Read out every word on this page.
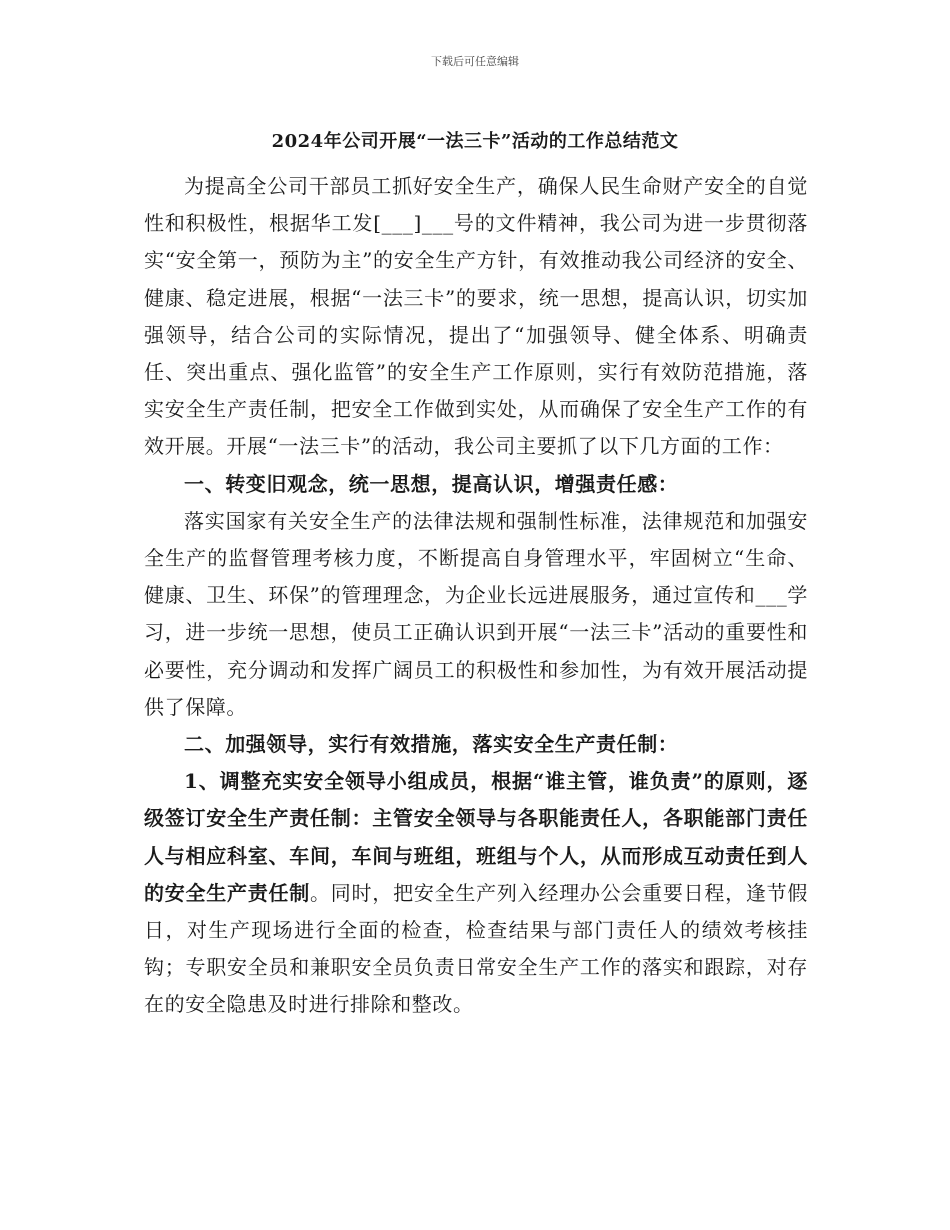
下载后可任意编辑
2024年公司开展“一法三卡”活动的工作总结范文

为提高全公司干部员工抓好安全生产，确保人民生命财产安全的自觉性和积极性，根据华工发[___]___号的文件精神，我公司为进一步贯彻落实“安全第一，预防为主”的安全生产方针，有效推动我公司经济的安全、健康、稳定进展，根据“一法三卡”的要求，统一思想，提高认识，切实加强领导，结合公司的实际情况，提出了“加强领导、健全体系、明确责任、突出重点、强化监管”的安全生产工作原则，实行有效防范措施，落实安全生产责任制，把安全工作做到实处，从而确保了安全生产工作的有效开展。开展“一法三卡”的活动，我公司主要抓了以下几方面的工作：

一、转变旧观念，统一思想，提高认识，增强责任感：

落实国家有关安全生产的法律法规和强制性标准，法律规范和加强安全生产的监督管理考核力度，不断提高自身管理水平，牢固树立“生命、健康、卫生、环保”的管理理念，为企业长远进展服务，通过宣传和___学习，进一步统一思想，使员工正确认识到开展“一法三卡”活动的重要性和必要性，充分调动和发挥广阔员工的积极性和参加性，为有效开展活动提供了保障。

二、加强领导，实行有效措施，落实安全生产责任制：

1、调整充实安全领导小组成员，根据“谁主管，谁负责”的原则，逐级签订安全生产责任制：主管安全领导与各职能责任人，各职能部门责任人与相应科室、车间，车间与班组，班组与个人，从而形成互动责任到人的安全生产责任制。同时，把安全生产列入经理办公会重要日程，逢节假日，对生产现场进行全面的检查，检查结果与部门责任人的绩效考核挂钩；专职安全员和兼职安全员负责日常安全生产工作的落实和跟踪，对存在的安全隐患及时进行排除和整改。
